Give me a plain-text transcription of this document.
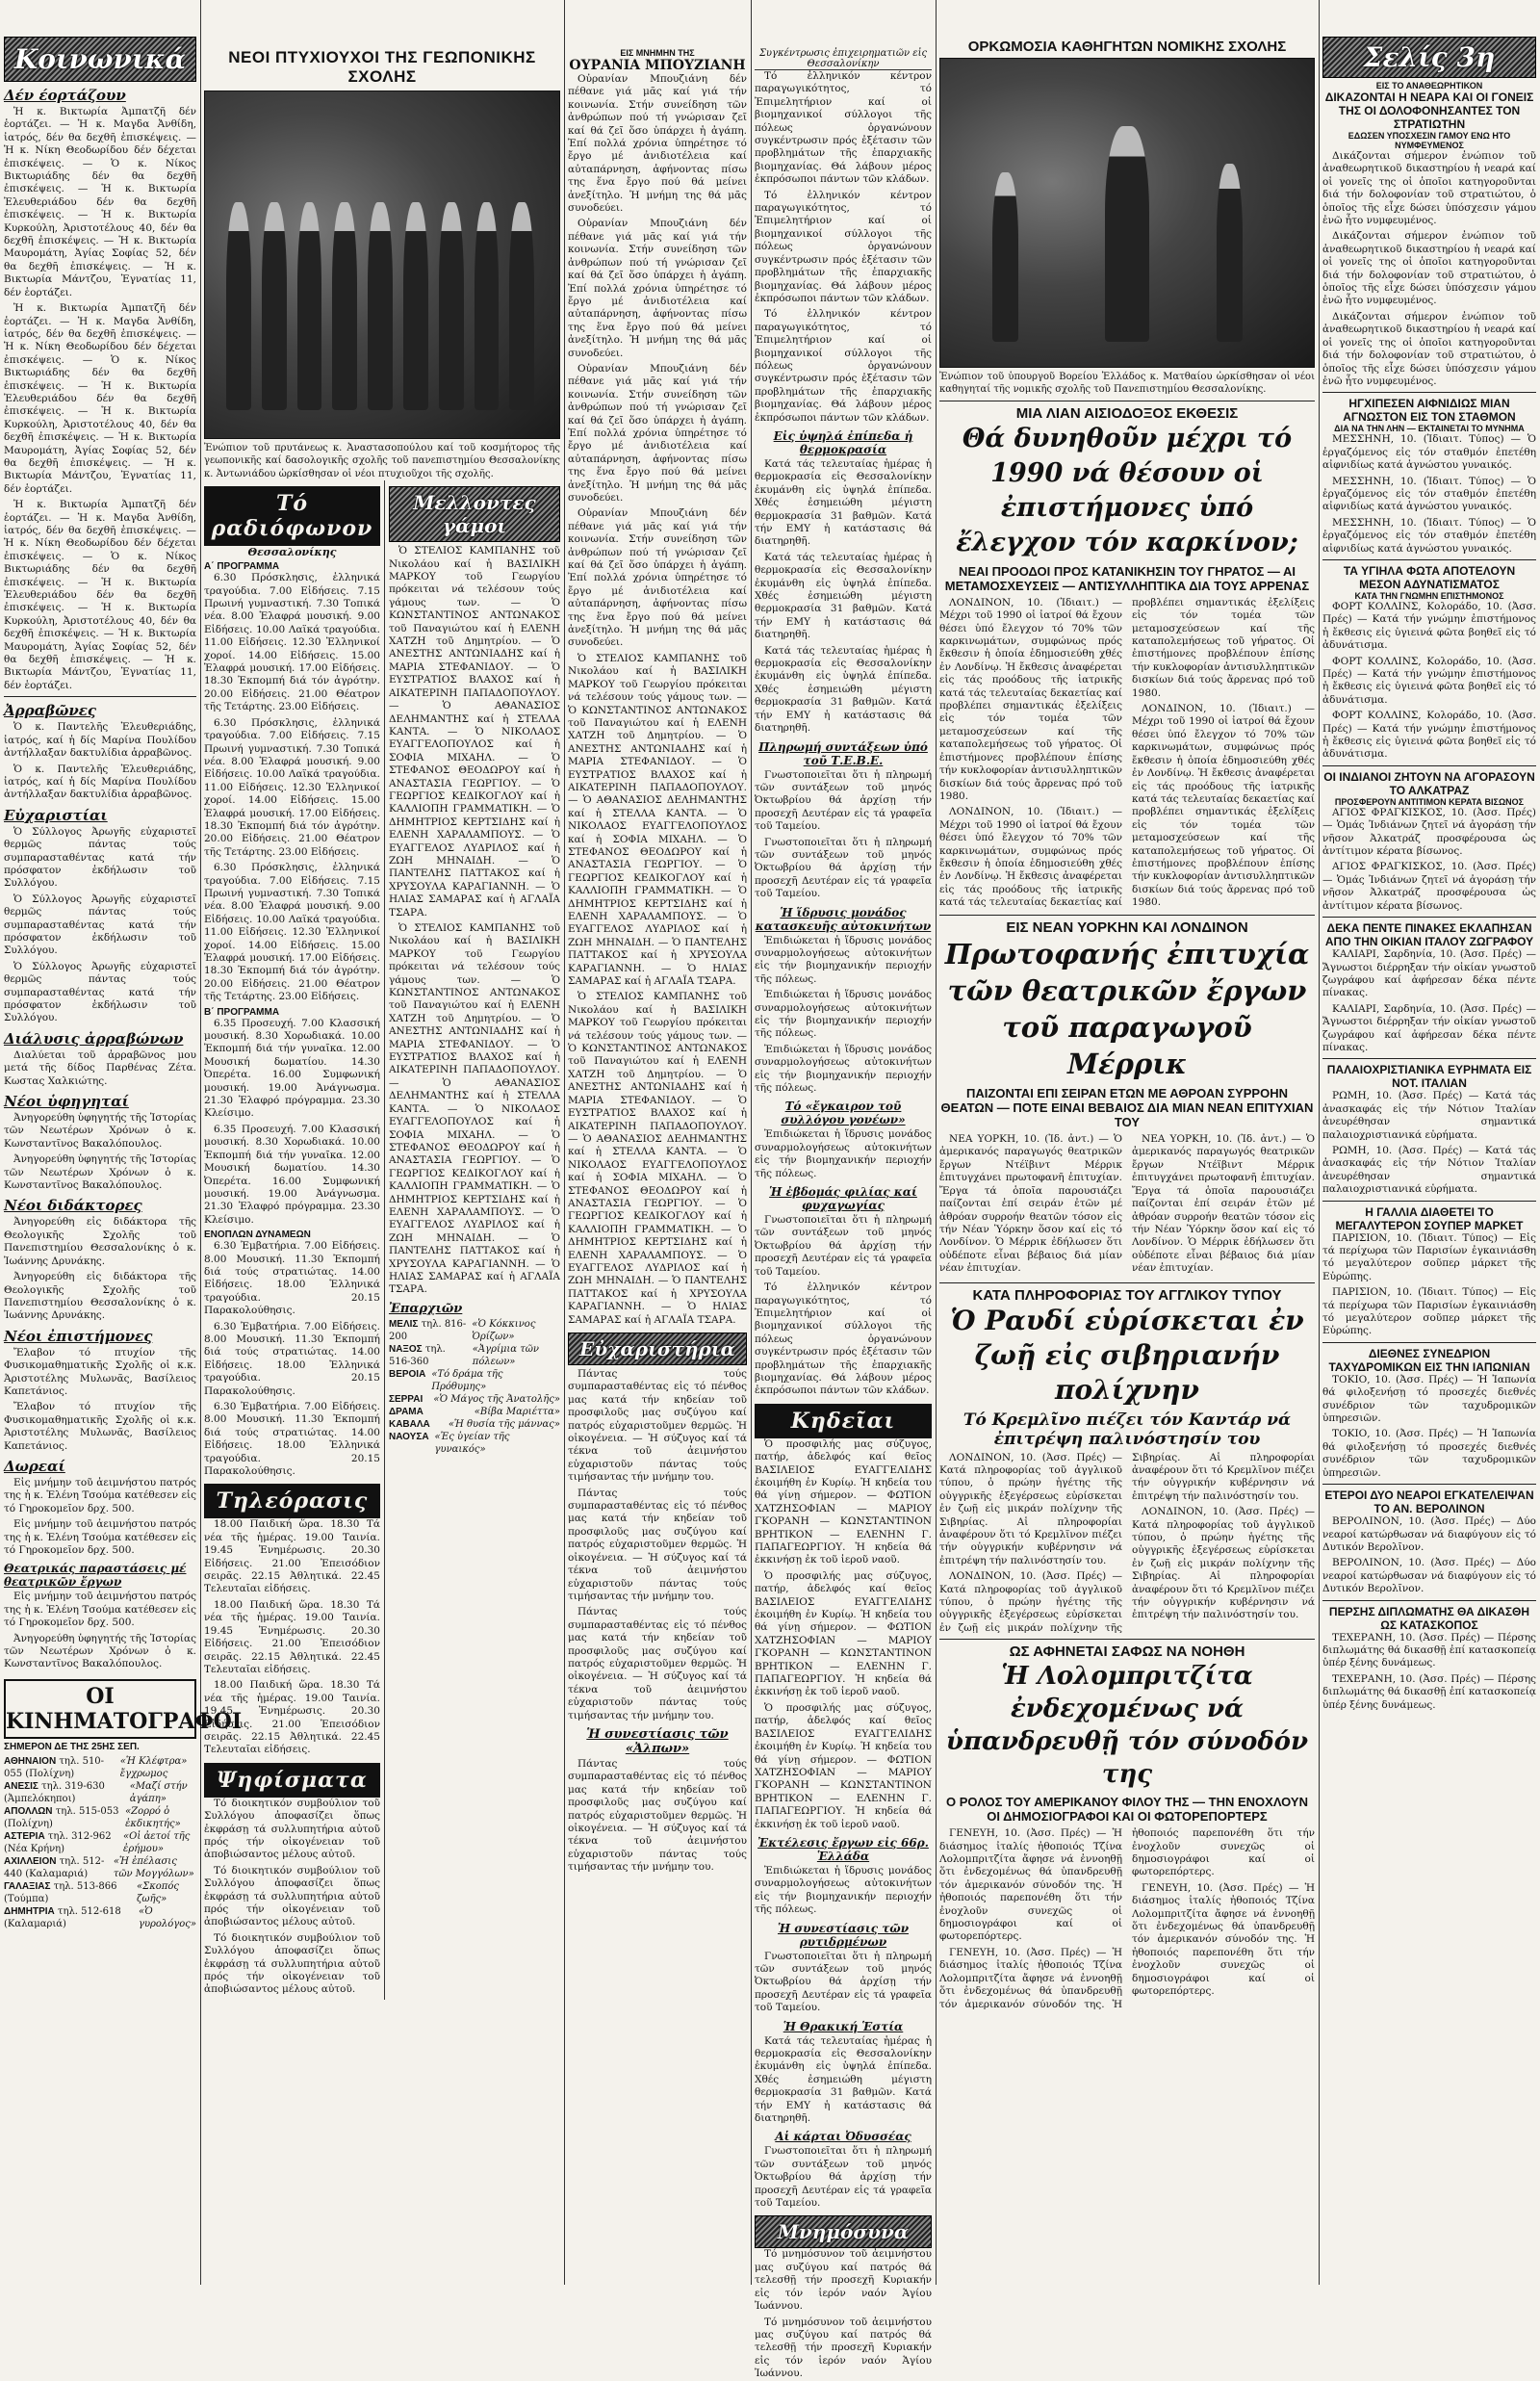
Κοινωνικά
Δέν έορτάζουν

Ἡ κ. Βικτωρία Ἀμπατζῆ δέν ἑορτάζει. — Ἡ κ. Μαγδα Ἀνθίδη, ἰατρός, δέν θα δεχθῆ ἐπισκέψεις. — Ἡ κ. Νίκη Θεοδωρίδου δέν δέχεται ἐπισκέψεις. — Ὁ κ. Νίκος Βικτωριάδης δέν θα δεχθῆ ἐπισκέψεις. — Ἡ κ. Βικτωρία Ἐλευθεριάδου δέν θα δεχθῆ ἐπισκέψεις. — Ἡ κ. Βικτωρία Κυρκούλη, Ἀριστοτέλους 40, δέν θα δεχθῆ ἐπισκέψεις. — Ἡ κ. Βικτωρία Μαυρομάτη, Ἀγίας Σοφίας 52, δέν θα δεχθῆ ἐπισκέψεις. — Ἡ κ. Βικτωρία Μάντζου, Ἐγνατίας 11, δέν ἑορτάζει.

Ἡ κ. Βικτωρία Ἀμπατζῆ δέν ἑορτάζει. — Ἡ κ. Μαγδα Ἀνθίδη, ἰατρός, δέν θα δεχθῆ ἐπισκέψεις. — Ἡ κ. Νίκη Θεοδωρίδου δέν δέχεται ἐπισκέψεις. — Ὁ κ. Νίκος Βικτωριάδης δέν θα δεχθῆ ἐπισκέψεις. — Ἡ κ. Βικτωρία Ἐλευθεριάδου δέν θα δεχθῆ ἐπισκέψεις. — Ἡ κ. Βικτωρία Κυρκούλη, Ἀριστοτέλους 40, δέν θα δεχθῆ ἐπισκέψεις. — Ἡ κ. Βικτωρία Μαυρομάτη, Ἀγίας Σοφίας 52, δέν θα δεχθῆ ἐπισκέψεις. — Ἡ κ. Βικτωρία Μάντζου, Ἐγνατίας 11, δέν ἑορτάζει.

Ἡ κ. Βικτωρία Ἀμπατζῆ δέν ἑορτάζει. — Ἡ κ. Μαγδα Ἀνθίδη, ἰατρός, δέν θα δεχθῆ ἐπισκέψεις. — Ἡ κ. Νίκη Θεοδωρίδου δέν δέχεται ἐπισκέψεις. — Ὁ κ. Νίκος Βικτωριάδης δέν θα δεχθῆ ἐπισκέψεις. — Ἡ κ. Βικτωρία Ἐλευθεριάδου δέν θα δεχθῆ ἐπισκέψεις. — Ἡ κ. Βικτωρία Κυρκούλη, Ἀριστοτέλους 40, δέν θα δεχθῆ ἐπισκέψεις. — Ἡ κ. Βικτωρία Μαυρομάτη, Ἀγίας Σοφίας 52, δέν θα δεχθῆ ἐπισκέψεις. — Ἡ κ. Βικτωρία Μάντζου, Ἐγνατίας 11, δέν ἑορτάζει.

Ἀρραβῶνες

Ὁ κ. Παντελῆς Ἐλευθεριάδης, ἰατρός, καί ἡ δίς Μαρίνα Πουλίδου ἀντήλλαξαν δακτυλίδια ἀρραβῶνος.

Ὁ κ. Παντελῆς Ἐλευθεριάδης, ἰατρός, καί ἡ δίς Μαρίνα Πουλίδου ἀντήλλαξαν δακτυλίδια ἀρραβῶνος.

Εὐχαριστίαι

Ὁ Σύλλογος Ἀρωγῆς εὐχαριστεῖ θερμῶς πάντας τούς συμπαρασταθέντας κατά τήν πρόσφατον ἐκδήλωσιν τοῦ Συλλόγου.

Ὁ Σύλλογος Ἀρωγῆς εὐχαριστεῖ θερμῶς πάντας τούς συμπαρασταθέντας κατά τήν πρόσφατον ἐκδήλωσιν τοῦ Συλλόγου.

Ὁ Σύλλογος Ἀρωγῆς εὐχαριστεῖ θερμῶς πάντας τούς συμπαρασταθέντας κατά τήν πρόσφατον ἐκδήλωσιν τοῦ Συλλόγου.

Διάλυσις ἀρραβώνων

Διαλύεται τοῦ ἀρραβῶνος μου μετά τῆς δίδος Παρθένας Ζέτα. Κωστας Χαλκιώτης.

Νέοι ὑφηγηταί

Ἀνηγορεύθη ὑφηγητής τῆς Ἱστορίας τῶν Νεωτέρων Χρόνων ὁ κ. Κωνσταντῖνος Βακαλόπουλος.

Ἀνηγορεύθη ὑφηγητής τῆς Ἱστορίας τῶν Νεωτέρων Χρόνων ὁ κ. Κωνσταντῖνος Βακαλόπουλος.

Νέοι διδάκτορες

Ἀνηγορεύθη εἰς διδάκτορα τῆς Θεολογικῆς Σχολῆς τοῦ Πανεπιστημίου Θεσσαλονίκης ὁ κ. Ἰωάννης Δρυνάκης.

Ἀνηγορεύθη εἰς διδάκτορα τῆς Θεολογικῆς Σχολῆς τοῦ Πανεπιστημίου Θεσσαλονίκης ὁ κ. Ἰωάννης Δρυνάκης.

Νέοι ἐπιστήμονες

Ἔλαβον τό πτυχίον τῆς Φυσικομαθηματικῆς Σχολῆς οἱ κ.κ. Ἀριστοτέλης Μυλωνᾶς, Βασίλειος Καπετάνιος.

Ἔλαβον τό πτυχίον τῆς Φυσικομαθηματικῆς Σχολῆς οἱ κ.κ. Ἀριστοτέλης Μυλωνᾶς, Βασίλειος Καπετάνιος.

Δωρεαί

Εἰς μνήμην τοῦ ἀειμνήστου πατρός της ἡ κ. Ἑλένη Τσούμα κατέθεσεν εἰς τό Γηροκομεῖον δρχ. 500.

Εἰς μνήμην τοῦ ἀειμνήστου πατρός της ἡ κ. Ἑλένη Τσούμα κατέθεσεν εἰς τό Γηροκομεῖον δρχ. 500.

Θεατρικάς παραστάσεις μέ θεατρικῶν ἔργων

Εἰς μνήμην τοῦ ἀειμνήστου πατρός της ἡ κ. Ἑλένη Τσούμα κατέθεσεν εἰς τό Γηροκομεῖον δρχ. 500.

Ἀνηγορεύθη ὑφηγητής τῆς Ἱστορίας τῶν Νεωτέρων Χρόνων ὁ κ. Κωνσταντῖνος Βακαλόπουλος.

ΟΙ ΚΙΝΗΜΑΤΟΓΡΑΦΟΙ
ΣΗΜΕΡΟΝ ΔΕ ΤΗΣ 25ΗΣ ΣΕΠ.
ΑΘΗΝΑΙΟΝ τηλ. 510-055 (Πολίχνη)
«Ἡ Κλέφτρα» ἔγχρωμος
ΑΝΕΣΙΣ τηλ. 319-630 (Ἀμπελόκηποι)
«Μαζί στήν ἀγάπη»
ΑΠΟΛΛΩΝ τηλ. 515-053 (Πολίχνη)
«Ζορρό ὁ ἐκδικητής»
ΑΣΤΕΡΙΑ τηλ. 312-962 (Νέα Κρήνη)
«Οἱ ἀετοί τῆς ἐρήμου»
ΑΧΙΛΛΕΙΟΝ τηλ. 512-440 (Καλαμαριά)
«Ἡ ἐπέλασις τῶν Μογγόλων»
ΓΑΛΑΞΙΑΣ τηλ. 513-866 (Τούμπα)
«Σκοπός ζωῆς»
ΔΗΜΗΤΡΙΑ τηλ. 512-618 (Καλαμαριά)
«Ὁ γυρολόγος»
ΝΕΟΙ ΠΤΥΧΙΟΥΧΟΙ ΤΗΣ ΓΕΩΠΟΝΙΚΗΣ ΣΧΟΛΗΣ
Ἐνώπιον τοῦ πρυτάνεως κ. Ἀναστασοπούλου καί τοῦ κοσμήτορος τῆς γεωπονικῆς καί δασολογικῆς σχολῆς τοῦ πανεπιστημίου Θεσσαλονίκης κ. Ἀντωνιάδου ὡρκίσθησαν οἱ νέοι πτυχιοῦχοι τῆς σχολῆς.
Τό ραδιόφωνον
Θεσσαλονίκης
Α΄ ΠΡΟΓΡΑΜΜΑ

6.30 Πρόσκλησις, ἑλληνικά τραγούδια. 7.00 Εἰδήσεις. 7.15 Πρωινή γυμναστική. 7.30 Τοπικά νέα. 8.00 Ἑλαφρά μουσική. 9.00 Εἰδήσεις. 10.00 Λαϊκά τραγούδια. 11.00 Εἰδήσεις. 12.30 Ἑλληνικοί χοροί. 14.00 Εἰδήσεις. 15.00 Ἑλαφρά μουσική. 17.00 Εἰδήσεις. 18.30 Ἐκπομπή διά τόν ἀγρότην. 20.00 Εἰδήσεις. 21.00 Θέατρον τῆς Τετάρτης. 23.00 Εἰδήσεις.

6.30 Πρόσκλησις, ἑλληνικά τραγούδια. 7.00 Εἰδήσεις. 7.15 Πρωινή γυμναστική. 7.30 Τοπικά νέα. 8.00 Ἑλαφρά μουσική. 9.00 Εἰδήσεις. 10.00 Λαϊκά τραγούδια. 11.00 Εἰδήσεις. 12.30 Ἑλληνικοί χοροί. 14.00 Εἰδήσεις. 15.00 Ἑλαφρά μουσική. 17.00 Εἰδήσεις. 18.30 Ἐκπομπή διά τόν ἀγρότην. 20.00 Εἰδήσεις. 21.00 Θέατρον τῆς Τετάρτης. 23.00 Εἰδήσεις.

6.30 Πρόσκλησις, ἑλληνικά τραγούδια. 7.00 Εἰδήσεις. 7.15 Πρωινή γυμναστική. 7.30 Τοπικά νέα. 8.00 Ἑλαφρά μουσική. 9.00 Εἰδήσεις. 10.00 Λαϊκά τραγούδια. 11.00 Εἰδήσεις. 12.30 Ἑλληνικοί χοροί. 14.00 Εἰδήσεις. 15.00 Ἑλαφρά μουσική. 17.00 Εἰδήσεις. 18.30 Ἐκπομπή διά τόν ἀγρότην. 20.00 Εἰδήσεις. 21.00 Θέατρον τῆς Τετάρτης. 23.00 Εἰδήσεις.

Β΄ ΠΡΟΓΡΑΜΜΑ

6.35 Προσευχή. 7.00 Κλασσική μουσική. 8.30 Χορωδιακά. 10.00 Ἐκπομπή διά τήν γυναῖκα. 12.00 Μουσική δωματίου. 14.30 Ὀπερέτα. 16.00 Συμφωνική μουσική. 19.00 Ἀνάγνωσμα. 21.30 Ἐλαφρό πρόγραμμα. 23.30 Κλείσιμο.

6.35 Προσευχή. 7.00 Κλασσική μουσική. 8.30 Χορωδιακά. 10.00 Ἐκπομπή διά τήν γυναῖκα. 12.00 Μουσική δωματίου. 14.30 Ὀπερέτα. 16.00 Συμφωνική μουσική. 19.00 Ἀνάγνωσμα. 21.30 Ἐλαφρό πρόγραμμα. 23.30 Κλείσιμο.

ΕΝΟΠΛΩΝ ΔΥΝΑΜΕΩΝ

6.30 Ἐμβατήρια. 7.00 Εἰδήσεις. 8.00 Μουσική. 11.30 Ἐκπομπή διά τούς στρατιώτας. 14.00 Εἰδήσεις. 18.00 Ἑλληνικά τραγούδια. 20.15 Παρακολούθησις.

6.30 Ἐμβατήρια. 7.00 Εἰδήσεις. 8.00 Μουσική. 11.30 Ἐκπομπή διά τούς στρατιώτας. 14.00 Εἰδήσεις. 18.00 Ἑλληνικά τραγούδια. 20.15 Παρακολούθησις.

6.30 Ἐμβατήρια. 7.00 Εἰδήσεις. 8.00 Μουσική. 11.30 Ἐκπομπή διά τούς στρατιώτας. 14.00 Εἰδήσεις. 18.00 Ἑλληνικά τραγούδια. 20.15 Παρακολούθησις.

Τηλεόρασις

18.00 Παιδική ὥρα. 18.30 Τά νέα τῆς ἡμέρας. 19.00 Ταινία. 19.45 Ἐνημέρωσις. 20.30 Εἰδήσεις. 21.00 Ἐπεισόδιον σειρᾶς. 22.15 Ἀθλητικά. 22.45 Τελευταῖαι εἰδήσεις.

18.00 Παιδική ὥρα. 18.30 Τά νέα τῆς ἡμέρας. 19.00 Ταινία. 19.45 Ἐνημέρωσις. 20.30 Εἰδήσεις. 21.00 Ἐπεισόδιον σειρᾶς. 22.15 Ἀθλητικά. 22.45 Τελευταῖαι εἰδήσεις.

18.00 Παιδική ὥρα. 18.30 Τά νέα τῆς ἡμέρας. 19.00 Ταινία. 19.45 Ἐνημέρωσις. 20.30 Εἰδήσεις. 21.00 Ἐπεισόδιον σειρᾶς. 22.15 Ἀθλητικά. 22.45 Τελευταῖαι εἰδήσεις.

Ψηφίσματα

Τό διοικητικόν συμβούλιον τοῦ Συλλόγου ἀποφασίζει ὅπως ἐκφράσῃ τά συλλυπητήρια αὐτοῦ πρός τήν οἰκογένειαν τοῦ ἀποβιώσαντος μέλους αὐτοῦ.

Τό διοικητικόν συμβούλιον τοῦ Συλλόγου ἀποφασίζει ὅπως ἐκφράσῃ τά συλλυπητήρια αὐτοῦ πρός τήν οἰκογένειαν τοῦ ἀποβιώσαντος μέλους αὐτοῦ.

Τό διοικητικόν συμβούλιον τοῦ Συλλόγου ἀποφασίζει ὅπως ἐκφράσῃ τά συλλυπητήρια αὐτοῦ πρός τήν οἰκογένειαν τοῦ ἀποβιώσαντος μέλους αὐτοῦ.

Μελλοντες γάμοι

Ὁ ΣΤΕΛΙΟΣ ΚΑΜΠΑΝΗΣ τοῦ Νικολάου καί ἡ ΒΑΣΙΛΙΚΗ ΜΑΡΚΟΥ τοῦ Γεωργίου πρόκειται νά τελέσουν τούς γάμους των. — Ὁ ΚΩΝΣΤΑΝΤΙΝΟΣ ΑΝΤΩΝΑΚΟΣ τοῦ Παναγιώτου καί ἡ ΕΛΕΝΗ ΧΑΤΖΗ τοῦ Δημητρίου. — Ὁ ΑΝΕΣΤΗΣ ΑΝΤΩΝΙΑΔΗΣ καί ἡ ΜΑΡΙΑ ΣΤΕΦΑΝΙΔΟΥ. — Ὁ ΕΥΣΤΡΑΤΙΟΣ ΒΛΑΧΟΣ καί ἡ ΑΙΚΑΤΕΡΙΝΗ ΠΑΠΑΔΟΠΟΥΛΟΥ. — Ὁ ΑΘΑΝΑΣΙΟΣ ΔΕΛΗΜΑΝΤΗΣ καί ἡ ΣΤΕΛΛΑ ΚΑΝΤΑ. — Ὁ ΝΙΚΟΛΑΟΣ ΕΥΑΓΓΕΛΟΠΟΥΛΟΣ καί ἡ ΣΟΦΙΑ ΜΙΧΑΗΛ. — Ὁ ΣΤΕΦΑΝΟΣ ΘΕΟΔΩΡΟΥ καί ἡ ΑΝΑΣΤΑΣΙΑ ΓΕΩΡΓΙΟΥ. — Ὁ ΓΕΩΡΓΙΟΣ ΚΕΔΙΚΟΓΛΟΥ καί ἡ ΚΑΛΛΙΟΠΗ ΓΡΑΜΜΑΤΙΚΗ. — Ὁ ΔΗΜΗΤΡΙΟΣ ΚΕΡΤΣΙΔΗΣ καί ἡ ΕΛΕΝΗ ΧΑΡΑΛΑΜΠΟΥΣ. — Ὁ ΕΥΑΓΓΕΛΟΣ ΛΥΔΡΙΛΟΣ καί ἡ ΖΩΗ ΜΗΝΑΙΔΗ. — Ὁ ΠΑΝΤΕΛΗΣ ΠΑΤΤΑΚΟΣ καί ἡ ΧΡΥΣΟΥΛΑ ΚΑΡΑΓΙΑΝΝΗ. — Ὁ ΗΛΙΑΣ ΣΑΜΑΡΑΣ καί ἡ ΑΓΛΑΪΑ ΤΣΑΡΑ.

Ὁ ΣΤΕΛΙΟΣ ΚΑΜΠΑΝΗΣ τοῦ Νικολάου καί ἡ ΒΑΣΙΛΙΚΗ ΜΑΡΚΟΥ τοῦ Γεωργίου πρόκειται νά τελέσουν τούς γάμους των. — Ὁ ΚΩΝΣΤΑΝΤΙΝΟΣ ΑΝΤΩΝΑΚΟΣ τοῦ Παναγιώτου καί ἡ ΕΛΕΝΗ ΧΑΤΖΗ τοῦ Δημητρίου. — Ὁ ΑΝΕΣΤΗΣ ΑΝΤΩΝΙΑΔΗΣ καί ἡ ΜΑΡΙΑ ΣΤΕΦΑΝΙΔΟΥ. — Ὁ ΕΥΣΤΡΑΤΙΟΣ ΒΛΑΧΟΣ καί ἡ ΑΙΚΑΤΕΡΙΝΗ ΠΑΠΑΔΟΠΟΥΛΟΥ. — Ὁ ΑΘΑΝΑΣΙΟΣ ΔΕΛΗΜΑΝΤΗΣ καί ἡ ΣΤΕΛΛΑ ΚΑΝΤΑ. — Ὁ ΝΙΚΟΛΑΟΣ ΕΥΑΓΓΕΛΟΠΟΥΛΟΣ καί ἡ ΣΟΦΙΑ ΜΙΧΑΗΛ. — Ὁ ΣΤΕΦΑΝΟΣ ΘΕΟΔΩΡΟΥ καί ἡ ΑΝΑΣΤΑΣΙΑ ΓΕΩΡΓΙΟΥ. — Ὁ ΓΕΩΡΓΙΟΣ ΚΕΔΙΚΟΓΛΟΥ καί ἡ ΚΑΛΛΙΟΠΗ ΓΡΑΜΜΑΤΙΚΗ. — Ὁ ΔΗΜΗΤΡΙΟΣ ΚΕΡΤΣΙΔΗΣ καί ἡ ΕΛΕΝΗ ΧΑΡΑΛΑΜΠΟΥΣ. — Ὁ ΕΥΑΓΓΕΛΟΣ ΛΥΔΡΙΛΟΣ καί ἡ ΖΩΗ ΜΗΝΑΙΔΗ. — Ὁ ΠΑΝΤΕΛΗΣ ΠΑΤΤΑΚΟΣ καί ἡ ΧΡΥΣΟΥΛΑ ΚΑΡΑΓΙΑΝΝΗ. — Ὁ ΗΛΙΑΣ ΣΑΜΑΡΑΣ καί ἡ ΑΓΛΑΪΑ ΤΣΑΡΑ.

Ἐπαρχιῶν
ΜΕΛΙΣ τηλ. 816-200
«Ὁ Κόκκινος Ὁρίζων»
ΝΑΞΟΣ τηλ. 516-360
«Ἀγρίμια τῶν πόλεων»
ΒΕΡΟΙΑ «Τό δράμα τῆς Πρόθυμης»
ΣΕΡΡΑΙ «Ὁ Μάγος τῆς Ἀνατολῆς»
ΔΡΑΜΑ	«Βίβα Μαριέττα»
ΚΑΒΑΛΑ «Ἡ θυσία τῆς μάννας»
ΝΑΟΥΣΑ «Ἐς ὑγείαν τῆς γυναικός»
ΕΙΣ ΜΝΗΜΗΝ ΤΗΣ
ΟΥΡΑΝΙΑ ΜΠΟΥΖΙΑΝΗ

Οὐρανίαν Μπουζιάνη δέν πέθανε γιά μᾶς καί γιά τήν κοινωνία. Στήν συνείδηση τῶν ἀνθρώπων πού τή γνώρισαν ζεῖ καί θά ζεῖ ὅσο ὑπάρχει ἡ ἀγάπη. Ἐπί πολλά χρόνια ὑπηρέτησε τό ἔργο μέ ἀνιδιοτέλεια καί αὐταπάρνηση, ἀφήνοντας πίσω της ἕνα ἔργο πού θά μείνει ἀνεξίτηλο. Ἡ μνήμη της θά μᾶς συνοδεύει.

Οὐρανίαν Μπουζιάνη δέν πέθανε γιά μᾶς καί γιά τήν κοινωνία. Στήν συνείδηση τῶν ἀνθρώπων πού τή γνώρισαν ζεῖ καί θά ζεῖ ὅσο ὑπάρχει ἡ ἀγάπη. Ἐπί πολλά χρόνια ὑπηρέτησε τό ἔργο μέ ἀνιδιοτέλεια καί αὐταπάρνηση, ἀφήνοντας πίσω της ἕνα ἔργο πού θά μείνει ἀνεξίτηλο. Ἡ μνήμη της θά μᾶς συνοδεύει.

Οὐρανίαν Μπουζιάνη δέν πέθανε γιά μᾶς καί γιά τήν κοινωνία. Στήν συνείδηση τῶν ἀνθρώπων πού τή γνώρισαν ζεῖ καί θά ζεῖ ὅσο ὑπάρχει ἡ ἀγάπη. Ἐπί πολλά χρόνια ὑπηρέτησε τό ἔργο μέ ἀνιδιοτέλεια καί αὐταπάρνηση, ἀφήνοντας πίσω της ἕνα ἔργο πού θά μείνει ἀνεξίτηλο. Ἡ μνήμη της θά μᾶς συνοδεύει.

Οὐρανίαν Μπουζιάνη δέν πέθανε γιά μᾶς καί γιά τήν κοινωνία. Στήν συνείδηση τῶν ἀνθρώπων πού τή γνώρισαν ζεῖ καί θά ζεῖ ὅσο ὑπάρχει ἡ ἀγάπη. Ἐπί πολλά χρόνια ὑπηρέτησε τό ἔργο μέ ἀνιδιοτέλεια καί αὐταπάρνηση, ἀφήνοντας πίσω της ἕνα ἔργο πού θά μείνει ἀνεξίτηλο. Ἡ μνήμη της θά μᾶς συνοδεύει.

Ὁ ΣΤΕΛΙΟΣ ΚΑΜΠΑΝΗΣ τοῦ Νικολάου καί ἡ ΒΑΣΙΛΙΚΗ ΜΑΡΚΟΥ τοῦ Γεωργίου πρόκειται νά τελέσουν τούς γάμους των. — Ὁ ΚΩΝΣΤΑΝΤΙΝΟΣ ΑΝΤΩΝΑΚΟΣ τοῦ Παναγιώτου καί ἡ ΕΛΕΝΗ ΧΑΤΖΗ τοῦ Δημητρίου. — Ὁ ΑΝΕΣΤΗΣ ΑΝΤΩΝΙΑΔΗΣ καί ἡ ΜΑΡΙΑ ΣΤΕΦΑΝΙΔΟΥ. — Ὁ ΕΥΣΤΡΑΤΙΟΣ ΒΛΑΧΟΣ καί ἡ ΑΙΚΑΤΕΡΙΝΗ ΠΑΠΑΔΟΠΟΥΛΟΥ. — Ὁ ΑΘΑΝΑΣΙΟΣ ΔΕΛΗΜΑΝΤΗΣ καί ἡ ΣΤΕΛΛΑ ΚΑΝΤΑ. — Ὁ ΝΙΚΟΛΑΟΣ ΕΥΑΓΓΕΛΟΠΟΥΛΟΣ καί ἡ ΣΟΦΙΑ ΜΙΧΑΗΛ. — Ὁ ΣΤΕΦΑΝΟΣ ΘΕΟΔΩΡΟΥ καί ἡ ΑΝΑΣΤΑΣΙΑ ΓΕΩΡΓΙΟΥ. — Ὁ ΓΕΩΡΓΙΟΣ ΚΕΔΙΚΟΓΛΟΥ καί ἡ ΚΑΛΛΙΟΠΗ ΓΡΑΜΜΑΤΙΚΗ. — Ὁ ΔΗΜΗΤΡΙΟΣ ΚΕΡΤΣΙΔΗΣ καί ἡ ΕΛΕΝΗ ΧΑΡΑΛΑΜΠΟΥΣ. — Ὁ ΕΥΑΓΓΕΛΟΣ ΛΥΔΡΙΛΟΣ καί ἡ ΖΩΗ ΜΗΝΑΙΔΗ. — Ὁ ΠΑΝΤΕΛΗΣ ΠΑΤΤΑΚΟΣ καί ἡ ΧΡΥΣΟΥΛΑ ΚΑΡΑΓΙΑΝΝΗ. — Ὁ ΗΛΙΑΣ ΣΑΜΑΡΑΣ καί ἡ ΑΓΛΑΪΑ ΤΣΑΡΑ.

Ὁ ΣΤΕΛΙΟΣ ΚΑΜΠΑΝΗΣ τοῦ Νικολάου καί ἡ ΒΑΣΙΛΙΚΗ ΜΑΡΚΟΥ τοῦ Γεωργίου πρόκειται νά τελέσουν τούς γάμους των. — Ὁ ΚΩΝΣΤΑΝΤΙΝΟΣ ΑΝΤΩΝΑΚΟΣ τοῦ Παναγιώτου καί ἡ ΕΛΕΝΗ ΧΑΤΖΗ τοῦ Δημητρίου. — Ὁ ΑΝΕΣΤΗΣ ΑΝΤΩΝΙΑΔΗΣ καί ἡ ΜΑΡΙΑ ΣΤΕΦΑΝΙΔΟΥ. — Ὁ ΕΥΣΤΡΑΤΙΟΣ ΒΛΑΧΟΣ καί ἡ ΑΙΚΑΤΕΡΙΝΗ ΠΑΠΑΔΟΠΟΥΛΟΥ. — Ὁ ΑΘΑΝΑΣΙΟΣ ΔΕΛΗΜΑΝΤΗΣ καί ἡ ΣΤΕΛΛΑ ΚΑΝΤΑ. — Ὁ ΝΙΚΟΛΑΟΣ ΕΥΑΓΓΕΛΟΠΟΥΛΟΣ καί ἡ ΣΟΦΙΑ ΜΙΧΑΗΛ. — Ὁ ΣΤΕΦΑΝΟΣ ΘΕΟΔΩΡΟΥ καί ἡ ΑΝΑΣΤΑΣΙΑ ΓΕΩΡΓΙΟΥ. — Ὁ ΓΕΩΡΓΙΟΣ ΚΕΔΙΚΟΓΛΟΥ καί ἡ ΚΑΛΛΙΟΠΗ ΓΡΑΜΜΑΤΙΚΗ. — Ὁ ΔΗΜΗΤΡΙΟΣ ΚΕΡΤΣΙΔΗΣ καί ἡ ΕΛΕΝΗ ΧΑΡΑΛΑΜΠΟΥΣ. — Ὁ ΕΥΑΓΓΕΛΟΣ ΛΥΔΡΙΛΟΣ καί ἡ ΖΩΗ ΜΗΝΑΙΔΗ. — Ὁ ΠΑΝΤΕΛΗΣ ΠΑΤΤΑΚΟΣ καί ἡ ΧΡΥΣΟΥΛΑ ΚΑΡΑΓΙΑΝΝΗ. — Ὁ ΗΛΙΑΣ ΣΑΜΑΡΑΣ καί ἡ ΑΓΛΑΪΑ ΤΣΑΡΑ.

Εὐχαριστήρια

Πάντας τούς συμπαρασταθέντας εἰς τό πένθος μας κατά τήν κηδείαν τοῦ προσφιλοῦς μας συζύγου καί πατρός εὐχαριστοῦμεν θερμῶς. Ἡ οἰκογένεια. — Ἡ σύζυγος καί τά τέκνα τοῦ ἀειμνήστου εὐχαριστοῦν πάντας τούς τιμήσαντας τήν μνήμην του.

Πάντας τούς συμπαρασταθέντας εἰς τό πένθος μας κατά τήν κηδείαν τοῦ προσφιλοῦς μας συζύγου καί πατρός εὐχαριστοῦμεν θερμῶς. Ἡ οἰκογένεια. — Ἡ σύζυγος καί τά τέκνα τοῦ ἀειμνήστου εὐχαριστοῦν πάντας τούς τιμήσαντας τήν μνήμην του.

Πάντας τούς συμπαρασταθέντας εἰς τό πένθος μας κατά τήν κηδείαν τοῦ προσφιλοῦς μας συζύγου καί πατρός εὐχαριστοῦμεν θερμῶς. Ἡ οἰκογένεια. — Ἡ σύζυγος καί τά τέκνα τοῦ ἀειμνήστου εὐχαριστοῦν πάντας τούς τιμήσαντας τήν μνήμην του.

Ἡ συνεστίασις τῶν «Ἀλπων»

Πάντας τούς συμπαρασταθέντας εἰς τό πένθος μας κατά τήν κηδείαν τοῦ προσφιλοῦς μας συζύγου καί πατρός εὐχαριστοῦμεν θερμῶς. Ἡ οἰκογένεια. — Ἡ σύζυγος καί τά τέκνα τοῦ ἀειμνήστου εὐχαριστοῦν πάντας τούς τιμήσαντας τήν μνήμην του.

Συγκέντρωσις ἐπιχειρηματιῶν εἰς Θεσσαλονίκην

Τό ἑλληνικόν κέντρον παραγωγικότητος, τό Ἐπιμελητήριον καί οἱ βιομηχανικοί σύλλογοι τῆς πόλεως ὀργανώνουν συγκέντρωσιν πρός ἐξέτασιν τῶν προβλημάτων τῆς ἐπαρχιακῆς βιομηχανίας. Θά λάβουν μέρος ἐκπρόσωποι πάντων τῶν κλάδων.

Τό ἑλληνικόν κέντρον παραγωγικότητος, τό Ἐπιμελητήριον καί οἱ βιομηχανικοί σύλλογοι τῆς πόλεως ὀργανώνουν συγκέντρωσιν πρός ἐξέτασιν τῶν προβλημάτων τῆς ἐπαρχιακῆς βιομηχανίας. Θά λάβουν μέρος ἐκπρόσωποι πάντων τῶν κλάδων.

Τό ἑλληνικόν κέντρον παραγωγικότητος, τό Ἐπιμελητήριον καί οἱ βιομηχανικοί σύλλογοι τῆς πόλεως ὀργανώνουν συγκέντρωσιν πρός ἐξέτασιν τῶν προβλημάτων τῆς ἐπαρχιακῆς βιομηχανίας. Θά λάβουν μέρος ἐκπρόσωποι πάντων τῶν κλάδων.

Εἰς ὑψηλά ἐπίπεδα ἡ θερμοκρασία

Κατά τάς τελευταίας ἡμέρας ἡ θερμοκρασία εἰς Θεσσαλονίκην ἐκυμάνθη εἰς ὑψηλά ἐπίπεδα. Χθές ἐσημειώθη μέγιστη θερμοκρασία 31 βαθμῶν. Κατά τήν ΕΜΥ ἡ κατάστασις θά διατηρηθῆ.

Κατά τάς τελευταίας ἡμέρας ἡ θερμοκρασία εἰς Θεσσαλονίκην ἐκυμάνθη εἰς ὑψηλά ἐπίπεδα. Χθές ἐσημειώθη μέγιστη θερμοκρασία 31 βαθμῶν. Κατά τήν ΕΜΥ ἡ κατάστασις θά διατηρηθῆ.

Κατά τάς τελευταίας ἡμέρας ἡ θερμοκρασία εἰς Θεσσαλονίκην ἐκυμάνθη εἰς ὑψηλά ἐπίπεδα. Χθές ἐσημειώθη μέγιστη θερμοκρασία 31 βαθμῶν. Κατά τήν ΕΜΥ ἡ κατάστασις θά διατηρηθῆ.

Πληρωμή συντάξεων ὑπό τοῦ Τ.Ε.Β.Ε.

Γνωστοποιεῖται ὅτι ἡ πληρωμή τῶν συντάξεων τοῦ μηνός Ὀκτωβρίου θά ἀρχίσῃ τήν προσεχῆ Δευτέραν εἰς τά γραφεῖα τοῦ Ταμείου.

Γνωστοποιεῖται ὅτι ἡ πληρωμή τῶν συντάξεων τοῦ μηνός Ὀκτωβρίου θά ἀρχίσῃ τήν προσεχῆ Δευτέραν εἰς τά γραφεῖα τοῦ Ταμείου.

Ἡ ἵδρυσις μονάδος κατασκευῆς αὐτοκινήτων

Ἐπιδιώκεται ἡ ἵδρυσις μονάδος συναρμολογήσεως αὐτοκινήτων εἰς τήν βιομηχανικήν περιοχήν τῆς πόλεως.

Ἐπιδιώκεται ἡ ἵδρυσις μονάδος συναρμολογήσεως αὐτοκινήτων εἰς τήν βιομηχανικήν περιοχήν τῆς πόλεως.

Ἐπιδιώκεται ἡ ἵδρυσις μονάδος συναρμολογήσεως αὐτοκινήτων εἰς τήν βιομηχανικήν περιοχήν τῆς πόλεως.

Τό «ἔγκαιρον τοῦ συλλόγου γονέων»

Ἐπιδιώκεται ἡ ἵδρυσις μονάδος συναρμολογήσεως αὐτοκινήτων εἰς τήν βιομηχανικήν περιοχήν τῆς πόλεως.

Ἡ ἐβδομάς φιλίας καί φυχαγωγίας

Γνωστοποιεῖται ὅτι ἡ πληρωμή τῶν συντάξεων τοῦ μηνός Ὀκτωβρίου θά ἀρχίσῃ τήν προσεχῆ Δευτέραν εἰς τά γραφεῖα τοῦ Ταμείου.

Τό ἑλληνικόν κέντρον παραγωγικότητος, τό Ἐπιμελητήριον καί οἱ βιομηχανικοί σύλλογοι τῆς πόλεως ὀργανώνουν συγκέντρωσιν πρός ἐξέτασιν τῶν προβλημάτων τῆς ἐπαρχιακῆς βιομηχανίας. Θά λάβουν μέρος ἐκπρόσωποι πάντων τῶν κλάδων.

Κηδεῖαι

Ὁ προσφιλής μας σύζυγος, πατήρ, ἀδελφός καί θεῖος ΒΑΣΙΛΕΙΟΣ ΕΥΑΓΓΕΛΙΔΗΣ ἐκοιμήθη ἐν Κυρίῳ. Ἡ κηδεία του θά γίνῃ σήμερον. — ΦΩΤΙΟΝ ΧΑΤΖΗΣΟΦΙΑΝ — ΜΑΡΙΟΥ ΓΚΟΡΑΝΗ — ΚΩΝΣΤΑΝΤΙΝΟΝ ΒΡΗΤΙΚΟΝ — ΕΛΕΝΗΝ Γ. ΠΑΠΑΓΕΩΡΓΙΟΥ. Ἡ κηδεία θά ἐκκινήσῃ ἐκ τοῦ ἱεροῦ ναοῦ.

Ὁ προσφιλής μας σύζυγος, πατήρ, ἀδελφός καί θεῖος ΒΑΣΙΛΕΙΟΣ ΕΥΑΓΓΕΛΙΔΗΣ ἐκοιμήθη ἐν Κυρίῳ. Ἡ κηδεία του θά γίνῃ σήμερον. — ΦΩΤΙΟΝ ΧΑΤΖΗΣΟΦΙΑΝ — ΜΑΡΙΟΥ ΓΚΟΡΑΝΗ — ΚΩΝΣΤΑΝΤΙΝΟΝ ΒΡΗΤΙΚΟΝ — ΕΛΕΝΗΝ Γ. ΠΑΠΑΓΕΩΡΓΙΟΥ. Ἡ κηδεία θά ἐκκινήσῃ ἐκ τοῦ ἱεροῦ ναοῦ.

Ὁ προσφιλής μας σύζυγος, πατήρ, ἀδελφός καί θεῖος ΒΑΣΙΛΕΙΟΣ ΕΥΑΓΓΕΛΙΔΗΣ ἐκοιμήθη ἐν Κυρίῳ. Ἡ κηδεία του θά γίνῃ σήμερον. — ΦΩΤΙΟΝ ΧΑΤΖΗΣΟΦΙΑΝ — ΜΑΡΙΟΥ ΓΚΟΡΑΝΗ — ΚΩΝΣΤΑΝΤΙΝΟΝ ΒΡΗΤΙΚΟΝ — ΕΛΕΝΗΝ Γ. ΠΑΠΑΓΕΩΡΓΙΟΥ. Ἡ κηδεία θά ἐκκινήσῃ ἐκ τοῦ ἱεροῦ ναοῦ.

Ἐκτέλεσις ἔργων εἰς 66ρ. Ἑλλάδα

Ἐπιδιώκεται ἡ ἵδρυσις μονάδος συναρμολογήσεως αὐτοκινήτων εἰς τήν βιομηχανικήν περιοχήν τῆς πόλεως.

Ἡ συνεστίασις τῶν ρυτιδρμένων

Γνωστοποιεῖται ὅτι ἡ πληρωμή τῶν συντάξεων τοῦ μηνός Ὀκτωβρίου θά ἀρχίσῃ τήν προσεχῆ Δευτέραν εἰς τά γραφεῖα τοῦ Ταμείου.

Ἡ Θρακική Ἑστία

Κατά τάς τελευταίας ἡμέρας ἡ θερμοκρασία εἰς Θεσσαλονίκην ἐκυμάνθη εἰς ὑψηλά ἐπίπεδα. Χθές ἐσημειώθη μέγιστη θερμοκρασία 31 βαθμῶν. Κατά τήν ΕΜΥ ἡ κατάστασις θά διατηρηθῆ.

Αἱ κάρται Ὀδυσσέας

Γνωστοποιεῖται ὅτι ἡ πληρωμή τῶν συντάξεων τοῦ μηνός Ὀκτωβρίου θά ἀρχίσῃ τήν προσεχῆ Δευτέραν εἰς τά γραφεῖα τοῦ Ταμείου.

Μνημόσυνα

Τό μνημόσυνον τοῦ ἀειμνήστου μας συζύγου καί πατρός θά τελεσθῇ τήν προσεχῆ Κυριακήν εἰς τόν ἱερόν ναόν Ἁγίου Ἰωάννου.

Τό μνημόσυνον τοῦ ἀειμνήστου μας συζύγου καί πατρός θά τελεσθῇ τήν προσεχῆ Κυριακήν εἰς τόν ἱερόν ναόν Ἁγίου Ἰωάννου.

ΟΡΚΩΜΟΣΙΑ ΚΑΘΗΓΗΤΩΝ ΝΟΜΙΚΗΣ ΣΧΟΛΗΣ
Ἐνώπιον τοῦ ὑπουργοῦ Βορείου Ἑλλάδος κ. Ματθαίου ὡρκίσθησαν οἱ νέοι καθηγηταί τῆς νομικῆς σχολῆς τοῦ Πανεπιστημίου Θεσσαλονίκης.
ΜΙΑ ΛΙΑΝ ΑΙΣΙΟΔΟΞΟΣ ΕΚΘΕΣΙΣ
Θά δυνηθοῦν μέχρι τό 1990 νά θέσουν οἱ ἐπιστήμονες ὑπό ἔλεγχον τόν καρκίνον;
ΝΕΑΙ ΠΡΟΟΔΟΙ ΠΡΟΣ ΚΑΤΑΝΙΚΗΣΙΝ ΤΟΥ ΓΗΡΑΤΟΣ — ΑΙ ΜΕΤΑΜΟΣΧΕΥΣΕΙΣ — ΑΝΤΙΣΥΛΛΗΠΤΙΚΑ ΔΙΑ ΤΟΥΣ ΑΡΡΕΝΑΣ

ΛΟΝΔΙΝΟΝ, 10. (Ἰδιαιτ.) — Μέχρι τοῦ 1990 οἱ ἰατροί θά ἔχουν θέσει ὑπό ἔλεγχον τό 70% τῶν καρκινωμάτων, συμφώνως πρός ἔκθεσιν ἡ ὁποία ἐδημοσιεύθη χθές ἐν Λονδίνῳ. Ἡ ἔκθεσις ἀναφέρεται εἰς τάς προόδους τῆς ἰατρικῆς κατά τάς τελευταίας δεκαετίας καί προβλέπει σημαντικάς ἐξελίξεις εἰς τόν τομέα τῶν μεταμοσχεύσεων καί τῆς καταπολεμήσεως τοῦ γήρατος. Οἱ ἐπιστήμονες προβλέπουν ἐπίσης τήν κυκλοφορίαν ἀντισυλληπτικῶν δισκίων διά τούς ἄρρενας πρό τοῦ 1980.

ΛΟΝΔΙΝΟΝ, 10. (Ἰδιαιτ.) — Μέχρι τοῦ 1990 οἱ ἰατροί θά ἔχουν θέσει ὑπό ἔλεγχον τό 70% τῶν καρκινωμάτων, συμφώνως πρός ἔκθεσιν ἡ ὁποία ἐδημοσιεύθη χθές ἐν Λονδίνῳ. Ἡ ἔκθεσις ἀναφέρεται εἰς τάς προόδους τῆς ἰατρικῆς κατά τάς τελευταίας δεκαετίας καί προβλέπει σημαντικάς ἐξελίξεις εἰς τόν τομέα τῶν μεταμοσχεύσεων καί τῆς καταπολεμήσεως τοῦ γήρατος. Οἱ ἐπιστήμονες προβλέπουν ἐπίσης τήν κυκλοφορίαν ἀντισυλληπτικῶν δισκίων διά τούς ἄρρενας πρό τοῦ 1980.

ΛΟΝΔΙΝΟΝ, 10. (Ἰδιαιτ.) — Μέχρι τοῦ 1990 οἱ ἰατροί θά ἔχουν θέσει ὑπό ἔλεγχον τό 70% τῶν καρκινωμάτων, συμφώνως πρός ἔκθεσιν ἡ ὁποία ἐδημοσιεύθη χθές ἐν Λονδίνῳ. Ἡ ἔκθεσις ἀναφέρεται εἰς τάς προόδους τῆς ἰατρικῆς κατά τάς τελευταίας δεκαετίας καί προβλέπει σημαντικάς ἐξελίξεις εἰς τόν τομέα τῶν μεταμοσχεύσεων καί τῆς καταπολεμήσεως τοῦ γήρατος. Οἱ ἐπιστήμονες προβλέπουν ἐπίσης τήν κυκλοφορίαν ἀντισυλληπτικῶν δισκίων διά τούς ἄρρενας πρό τοῦ 1980.

ΕΙΣ ΝΕΑΝ ΥΟΡΚΗΝ ΚΑΙ ΛΟΝΔΙΝΟΝ
Πρωτοφανής ἐπιτυχία τῶν θεατρικῶν ἔργων τοῦ παραγωγοῦ Μέρρικ
ΠΑΙΖΟΝΤΑΙ ΕΠΙ ΣΕΙΡΑΝ ΕΤΩΝ ΜΕ ΑΘΡΟΑΝ ΣΥΡΡΟΗΝ ΘΕΑΤΩΝ — ΠΟΤΕ ΕΙΝΑΙ ΒΕΒΑΙΟΣ ΔΙΑ ΜΙΑΝ ΝΕΑΝ ΕΠΙΤΥΧΙΑΝ ΤΟΥ

ΝΕΑ ΥΟΡΚΗ, 10. (Ἰδ. ἀντ.) — Ὁ ἀμερικανός παραγωγός θεατρικῶν ἔργων Ντέϊβιντ Μέρρικ ἐπιτυγχάνει πρωτοφανῆ ἐπιτυχίαν. Ἔργα τά ὁποῖα παρουσιάζει παίζονται ἐπί σειράν ἐτῶν μέ ἀθρόαν συρροήν θεατῶν τόσον εἰς τήν Νέαν Ὑόρκην ὅσον καί εἰς τό Λονδίνον. Ὁ Μέρρικ ἐδήλωσεν ὅτι οὐδέποτε εἶναι βέβαιος διά μίαν νέαν ἐπιτυχίαν.

ΝΕΑ ΥΟΡΚΗ, 10. (Ἰδ. ἀντ.) — Ὁ ἀμερικανός παραγωγός θεατρικῶν ἔργων Ντέϊβιντ Μέρρικ ἐπιτυγχάνει πρωτοφανῆ ἐπιτυχίαν. Ἔργα τά ὁποῖα παρουσιάζει παίζονται ἐπί σειράν ἐτῶν μέ ἀθρόαν συρροήν θεατῶν τόσον εἰς τήν Νέαν Ὑόρκην ὅσον καί εἰς τό Λονδίνον. Ὁ Μέρρικ ἐδήλωσεν ὅτι οὐδέποτε εἶναι βέβαιος διά μίαν νέαν ἐπιτυχίαν.

ΚΑΤΑ ΠΛΗΡΟΦΟΡΙΑΣ ΤΟΥ ΑΓΓΛΙΚΟΥ ΤΥΠΟΥ
Ὁ Ραυδί εὑρίσκεται ἐν ζωῇ εἰς σιβηριανήν πολίχνην
Τό Κρεμλῖνο πιέζει τόν Καντάρ νά ἐπιτρέψη παλινόστησίν του

ΛΟΝΔΙΝΟΝ, 10. (Ἀσσ. Πρές) — Κατά πληροφορίας τοῦ ἀγγλικοῦ τύπου, ὁ πρώην ἡγέτης τῆς οὑγγρικῆς ἐξεγέρσεως εὑρίσκεται ἐν ζωῇ εἰς μικράν πολίχνην τῆς Σιβηρίας. Αἱ πληροφορίαι ἀναφέρουν ὅτι τό Κρεμλῖνον πιέζει τήν οὑγγρικήν κυβέρνησιν νά ἐπιτρέψη τήν παλινόστησίν του.

ΛΟΝΔΙΝΟΝ, 10. (Ἀσσ. Πρές) — Κατά πληροφορίας τοῦ ἀγγλικοῦ τύπου, ὁ πρώην ἡγέτης τῆς οὑγγρικῆς ἐξεγέρσεως εὑρίσκεται ἐν ζωῇ εἰς μικράν πολίχνην τῆς Σιβηρίας. Αἱ πληροφορίαι ἀναφέρουν ὅτι τό Κρεμλῖνον πιέζει τήν οὑγγρικήν κυβέρνησιν νά ἐπιτρέψη τήν παλινόστησίν του.

ΛΟΝΔΙΝΟΝ, 10. (Ἀσσ. Πρές) — Κατά πληροφορίας τοῦ ἀγγλικοῦ τύπου, ὁ πρώην ἡγέτης τῆς οὑγγρικῆς ἐξεγέρσεως εὑρίσκεται ἐν ζωῇ εἰς μικράν πολίχνην τῆς Σιβηρίας. Αἱ πληροφορίαι ἀναφέρουν ὅτι τό Κρεμλῖνον πιέζει τήν οὑγγρικήν κυβέρνησιν νά ἐπιτρέψη τήν παλινόστησίν του.

ΩΣ ΑΦΗΝΕΤΑΙ ΣΑΦΩΣ ΝΑ ΝΟΗΘΗ
Ἡ Λολομπριτζίτα ἐνδεχομένως νά ὑπανδρευθῇ τόν σύνοδόν της
Ο ΡΟΛΟΣ ΤΟΥ ΑΜΕΡΙΚΑΝΟΥ ΦΙΛΟΥ ΤΗΣ — ΤΗΝ ΕΝΟΧΛΟΥΝ ΟΙ ΔΗΜΟΣΙΟΓΡΑΦΟΙ ΚΑΙ ΟΙ ΦΩΤΟΡΕΠΟΡΤΕΡΣ

ΓΕΝΕΥΗ, 10. (Ἀσσ. Πρές) — Ἡ διάσημος ἰταλίς ἠθοποιός Τζίνα Λολομπριτζίτα ἄφησε νά ἐννοηθῇ ὅτι ἐνδεχομένως θά ὑπανδρευθῇ τόν ἀμερικανόν σύνοδόν της. Ἡ ἠθοποιός παρεπονέθη ὅτι τήν ἐνοχλοῦν συνεχῶς οἱ δημοσιογράφοι καί οἱ φωτορεπόρτερς.

ΓΕΝΕΥΗ, 10. (Ἀσσ. Πρές) — Ἡ διάσημος ἰταλίς ἠθοποιός Τζίνα Λολομπριτζίτα ἄφησε νά ἐννοηθῇ ὅτι ἐνδεχομένως θά ὑπανδρευθῇ τόν ἀμερικανόν σύνοδόν της. Ἡ ἠθοποιός παρεπονέθη ὅτι τήν ἐνοχλοῦν συνεχῶς οἱ δημοσιογράφοι καί οἱ φωτορεπόρτερς.

ΓΕΝΕΥΗ, 10. (Ἀσσ. Πρές) — Ἡ διάσημος ἰταλίς ἠθοποιός Τζίνα Λολομπριτζίτα ἄφησε νά ἐννοηθῇ ὅτι ἐνδεχομένως θά ὑπανδρευθῇ τόν ἀμερικανόν σύνοδόν της. Ἡ ἠθοποιός παρεπονέθη ὅτι τήν ἐνοχλοῦν συνεχῶς οἱ δημοσιογράφοι καί οἱ φωτορεπόρτερς.

Σελίς 3η
ΕΙΣ ΤΟ ΑΝΑΘΕΩΡΗΤΙΚΟΝ
ΔΙΚΑΖΟΝΤΑΙ Η ΝΕΑΡΑ ΚΑΙ ΟΙ ΓΟΝΕΙΣ ΤΗΣ ΟΙ ΔΟΛΟΦΟΝΗΣΑΝΤΕΣ ΤΟΝ ΣΤΡΑΤΙΩΤΗΝ
ΕΔΩΣΕΝ ΥΠΟΣΧΕΣΙΝ ΓΑΜΟΥ ΕΝΩ ΗΤΟ ΝΥΜΦΕΥΜΕΝΟΣ

Δικάζονται σήμερον ἐνώπιον τοῦ ἀναθεωρητικοῦ δικαστηρίου ἡ νεαρά καί οἱ γονεῖς της οἱ ὁποῖοι κατηγοροῦνται διά τήν δολοφονίαν τοῦ στρατιώτου, ὁ ὁποῖος τῆς εἶχε δώσει ὑπόσχεσιν γάμου ἐνῶ ἦτο νυμφευμένος.

Δικάζονται σήμερον ἐνώπιον τοῦ ἀναθεωρητικοῦ δικαστηρίου ἡ νεαρά καί οἱ γονεῖς της οἱ ὁποῖοι κατηγοροῦνται διά τήν δολοφονίαν τοῦ στρατιώτου, ὁ ὁποῖος τῆς εἶχε δώσει ὑπόσχεσιν γάμου ἐνῶ ἦτο νυμφευμένος.

Δικάζονται σήμερον ἐνώπιον τοῦ ἀναθεωρητικοῦ δικαστηρίου ἡ νεαρά καί οἱ γονεῖς της οἱ ὁποῖοι κατηγοροῦνται διά τήν δολοφονίαν τοῦ στρατιώτου, ὁ ὁποῖος τῆς εἶχε δώσει ὑπόσχεσιν γάμου ἐνῶ ἦτο νυμφευμένος.

ΗΓΧΙΠΕΣΕΝ ΑΙΦΝΙΔΙΩΣ ΜΙΑΝ ΑΓΝΩΣΤΟΝ ΕΙΣ ΤΟΝ ΣΤΑΘΜΟΝ
ΔΙΑ ΝΑ ΤΗΝ ΛΗΝ — ΕΚΤΑΙΝΕΤΑΙ ΤΟ ΜΥΝΗΜΑ

ΜΕΣΣΗΝΗ, 10. (Ἰδιαιτ. Τύπος) — Ὁ ἐργαζόμενος εἰς τόν σταθμόν ἐπετέθη αἰφνιδίως κατά ἀγνώστου γυναικός.

ΜΕΣΣΗΝΗ, 10. (Ἰδιαιτ. Τύπος) — Ὁ ἐργαζόμενος εἰς τόν σταθμόν ἐπετέθη αἰφνιδίως κατά ἀγνώστου γυναικός.

ΜΕΣΣΗΝΗ, 10. (Ἰδιαιτ. Τύπος) — Ὁ ἐργαζόμενος εἰς τόν σταθμόν ἐπετέθη αἰφνιδίως κατά ἀγνώστου γυναικός.

ΤΑ ΥΓΙΗΛΑ ΦΩΤΑ ΑΠΟΤΕΛΟΥΝ ΜΕΣΟΝ ΑΔΥΝΑΤΙΣΜΑΤΟΣ
ΚΑΤΑ ΤΗΝ ΓΝΩΜΗΝ ΕΠΙΣΤΗΜΟΝΟΣ

ΦΟΡΤ ΚΟΛΛΙΝΣ, Κολοράδο, 10. (Ἀσσ. Πρές) — Κατά τήν γνώμην ἐπιστήμονος ἡ ἔκθεσις εἰς ὑγιεινά φῶτα βοηθεῖ εἰς τό ἀδυνάτισμα.

ΦΟΡΤ ΚΟΛΛΙΝΣ, Κολοράδο, 10. (Ἀσσ. Πρές) — Κατά τήν γνώμην ἐπιστήμονος ἡ ἔκθεσις εἰς ὑγιεινά φῶτα βοηθεῖ εἰς τό ἀδυνάτισμα.

ΦΟΡΤ ΚΟΛΛΙΝΣ, Κολοράδο, 10. (Ἀσσ. Πρές) — Κατά τήν γνώμην ἐπιστήμονος ἡ ἔκθεσις εἰς ὑγιεινά φῶτα βοηθεῖ εἰς τό ἀδυνάτισμα.

ΟΙ ΙΝΔΙΑΝΟΙ ΖΗΤΟΥΝ ΝΑ ΑΓΟΡΑΣΟΥΝ ΤΟ ΑΛΚΑΤΡΑΖ
ΠΡΟΣΦΕΡΟΥΝ ΑΝΤΙΤΙΜΟΝ ΚΕΡΑΤΑ ΒΙΣΩΝΟΣ

ΑΓΙΟΣ ΦΡΑΓΚΙΣΚΟΣ, 10. (Ἀσσ. Πρές) — Ὁμάς Ἰνδιάνων ζητεῖ νά ἀγοράσῃ τήν νῆσον Ἀλκατράζ προσφέρουσα ὡς ἀντίτιμον κέρατα βίσωνος.

ΑΓΙΟΣ ΦΡΑΓΚΙΣΚΟΣ, 10. (Ἀσσ. Πρές) — Ὁμάς Ἰνδιάνων ζητεῖ νά ἀγοράσῃ τήν νῆσον Ἀλκατράζ προσφέρουσα ὡς ἀντίτιμον κέρατα βίσωνος.

ΔΕΚΑ ΠΕΝΤΕ ΠΙΝΑΚΕΣ ΕΚΛΑΠΗΣΑΝ ΑΠΟ ΤΗΝ ΟΙΚΙΑΝ ΙΤΑΛΟΥ ΖΩΓΡΑΦΟΥ

ΚΑΛΙΑΡΙ, Σαρδηνία, 10. (Ἀσσ. Πρές) — Ἄγνωστοι διέρρηξαν τήν οἰκίαν γνωστοῦ ζωγράφου καί ἀφήρεσαν δέκα πέντε πίνακας.

ΚΑΛΙΑΡΙ, Σαρδηνία, 10. (Ἀσσ. Πρές) — Ἄγνωστοι διέρρηξαν τήν οἰκίαν γνωστοῦ ζωγράφου καί ἀφήρεσαν δέκα πέντε πίνακας.

ΠΑΛΑΙΟΧΡΙΣΤΙΑΝΙΚΑ ΕΥΡΗΜΑΤΑ ΕΙΣ ΝΟΤ. ΙΤΑΛΙΑΝ

ΡΩΜΗ, 10. (Ἀσσ. Πρές) — Κατά τάς ἀνασκαφάς εἰς τήν Νότιον Ἰταλίαν ἀνευρέθησαν σημαντικά παλαιοχριστιανικά εὑρήματα.

ΡΩΜΗ, 10. (Ἀσσ. Πρές) — Κατά τάς ἀνασκαφάς εἰς τήν Νότιον Ἰταλίαν ἀνευρέθησαν σημαντικά παλαιοχριστιανικά εὑρήματα.

Η ΓΑΛΛΙΑ ΔΙΑΘΕΤΕΙ ΤΟ ΜΕΓΑΛΥΤΕΡΟΝ ΣΟΥΠΕΡ ΜΑΡΚΕΤ

ΠΑΡΙΣΙΟΝ, 10. (Ἰδιαιτ. Τύπος) — Εἰς τά περίχωρα τῶν Παρισίων ἐγκαινιάσθη τό μεγαλύτερον σοῦπερ μάρκετ τῆς Εὐρώπης.

ΠΑΡΙΣΙΟΝ, 10. (Ἰδιαιτ. Τύπος) — Εἰς τά περίχωρα τῶν Παρισίων ἐγκαινιάσθη τό μεγαλύτερον σοῦπερ μάρκετ τῆς Εὐρώπης.

ΔΙΕΘΝΕΣ ΣΥΝΕΔΡΙΟΝ ΤΑΧΥΔΡΟΜΙΚΩΝ ΕΙΣ ΤΗΝ ΙΑΠΩΝΙΑΝ

ΤΟΚΙΟ, 10. (Ἀσσ. Πρές) — Ἡ Ἰαπωνία θά φιλοξενήσῃ τό προσεχές διεθνές συνέδριον τῶν ταχυδρομικῶν ὑπηρεσιῶν.

ΤΟΚΙΟ, 10. (Ἀσσ. Πρές) — Ἡ Ἰαπωνία θά φιλοξενήσῃ τό προσεχές διεθνές συνέδριον τῶν ταχυδρομικῶν ὑπηρεσιῶν.

ΕΤΕΡΟΙ ΔΥΟ ΝΕΑΡΟΙ ΕΓΚΑΤΕΛΕΙΨΑΝ ΤΟ ΑΝ. ΒΕΡΟΛΙΝΟΝ

ΒΕΡΟΛΙΝΟΝ, 10. (Ἀσσ. Πρές) — Δύο νεαροί κατώρθωσαν νά διαφύγουν εἰς τό Δυτικόν Βερολῖνον.

ΒΕΡΟΛΙΝΟΝ, 10. (Ἀσσ. Πρές) — Δύο νεαροί κατώρθωσαν νά διαφύγουν εἰς τό Δυτικόν Βερολῖνον.

ΠΕΡΣΗΣ ΔΙΠΛΩΜΑΤΗΣ ΘΑ ΔΙΚΑΣΘΗ ΩΣ ΚΑΤΑΣΚΟΠΟΣ

ΤΕΧΕΡΑΝΗ, 10. (Ἀσσ. Πρές) — Πέρσης διπλωμάτης θά δικασθῇ ἐπί κατασκοπείᾳ ὑπέρ ξένης δυνάμεως.

ΤΕΧΕΡΑΝΗ, 10. (Ἀσσ. Πρές) — Πέρσης διπλωμάτης θά δικασθῇ ἐπί κατασκοπείᾳ ὑπέρ ξένης δυνάμεως.
